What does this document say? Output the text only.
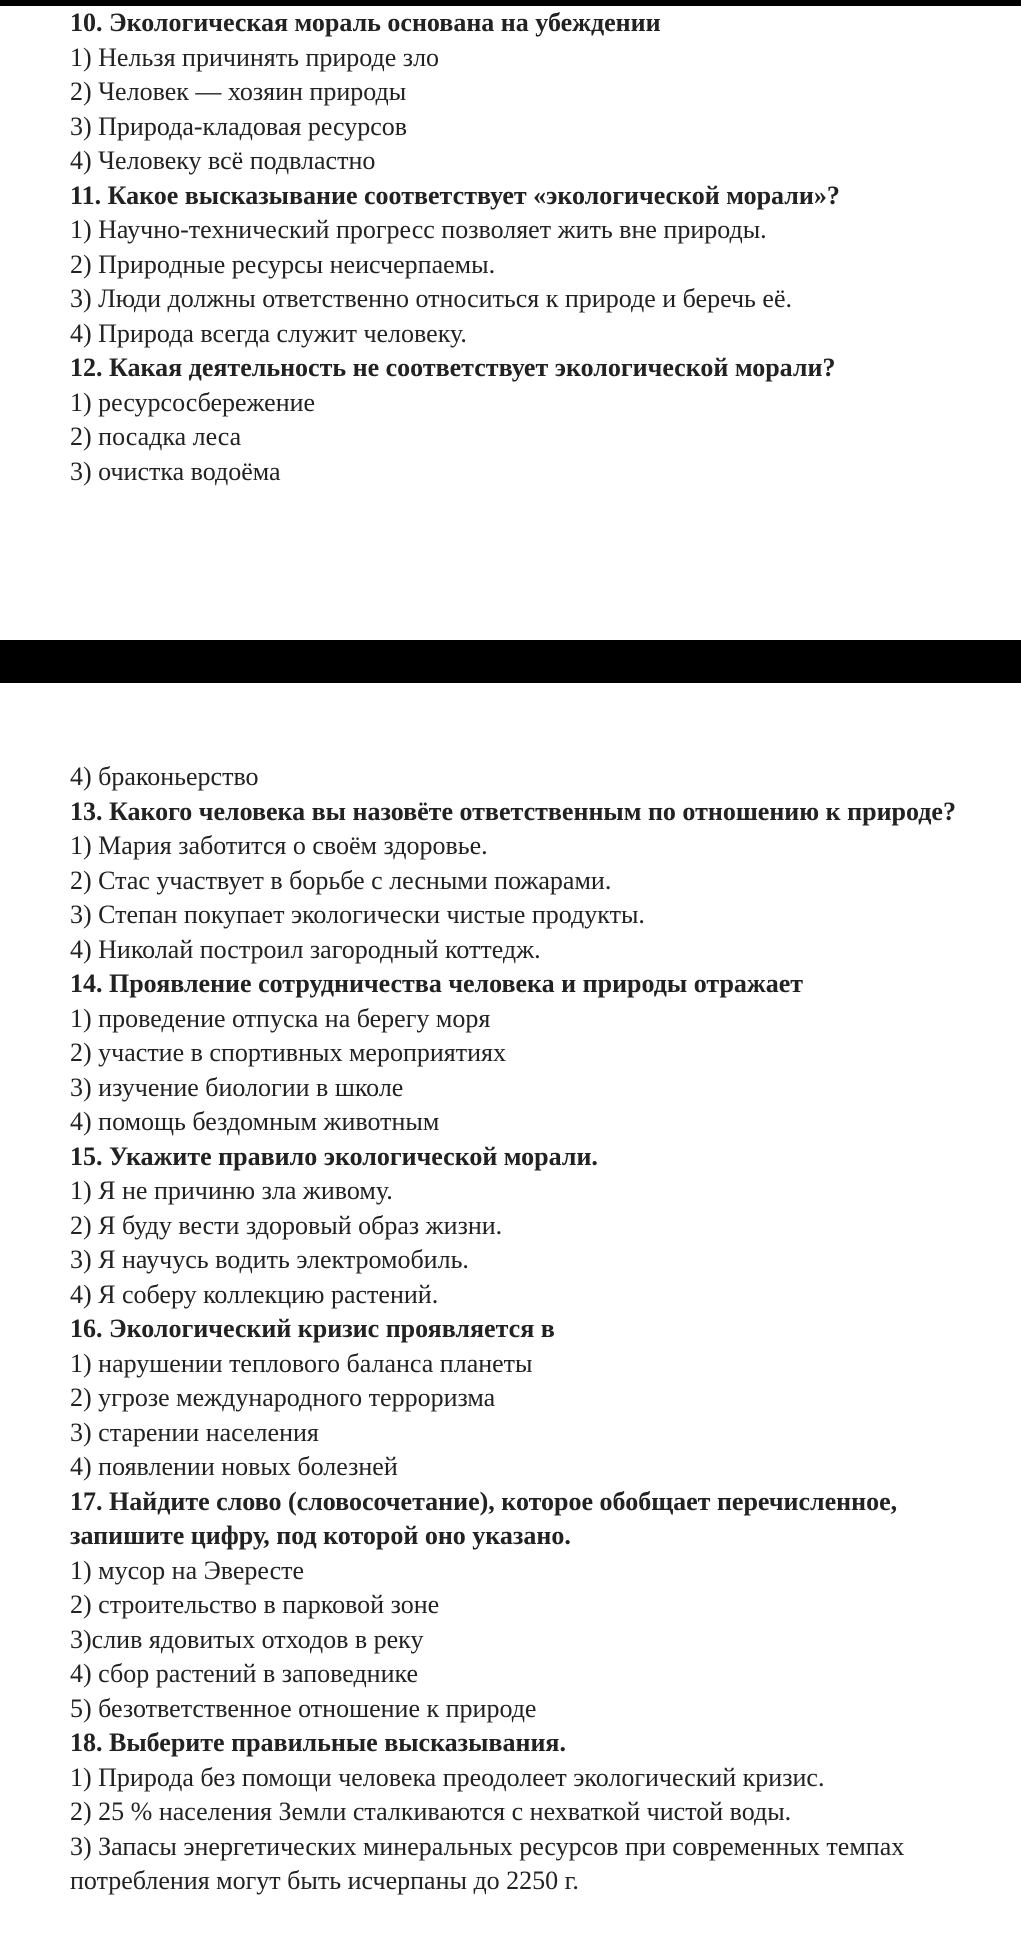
10. Экологическая мораль основана на убеждении

1) Нельзя причинять природе зло

2) Человек — хозяин природы

3) Природа-кладовая ресурсов

4) Человеку всё подвластно

11. Какое высказывание соответствует «экологической морали»?

1) Научно-технический прогресс позволяет жить вне природы.

2) Природные ресурсы неисчерпаемы.

3) Люди должны ответственно относиться к природе и беречь её.

4) Природа всегда служит человеку.

12. Какая деятельность не соответствует экологической морали?

1) ресурсосбережение

2) посадка леса

3) очистка водоёма

4) браконьерство

13. Какого человека вы назовёте ответственным по отношению к природе?

1) Мария заботится о своём здоровье.

2) Стас участвует в борьбе с лесными пожарами.

3) Степан покупает экологически чистые продукты.

4) Николай построил загородный коттедж.

14. Проявление сотрудничества человека и природы отражает

1) проведение отпуска на берегу моря

2) участие в спортивных мероприятиях

3) изучение биологии в школе

4) помощь бездомным животным

15. Укажите правило экологической морали.

1) Я не причиню зла живому.

2) Я буду вести здоровый образ жизни.

3) Я научусь водить электромобиль.

4) Я соберу коллекцию растений.

16. Экологический кризис проявляется в

1) нарушении теплового баланса планеты

2) угрозе международного терроризма

3) старении населения

4) появлении новых болезней

17. Найдите слово (словосочетание), которое обобщает перечисленное, запишите цифру, под которой оно указано.

1) мусор на Эвересте

2) строительство в парковой зоне

3)слив ядовитых отходов в реку

4) сбор растений в заповеднике

5) безответственное отношение к природе

18. Выберите правильные высказывания.

1) Природа без помощи человека преодолеет экологический кризис.

2) 25 % населения Земли сталкиваются с нехваткой чистой воды.

3) Запасы энергетических минеральных ресурсов при современных темпах потребления могут быть исчерпаны до 2250 г.
